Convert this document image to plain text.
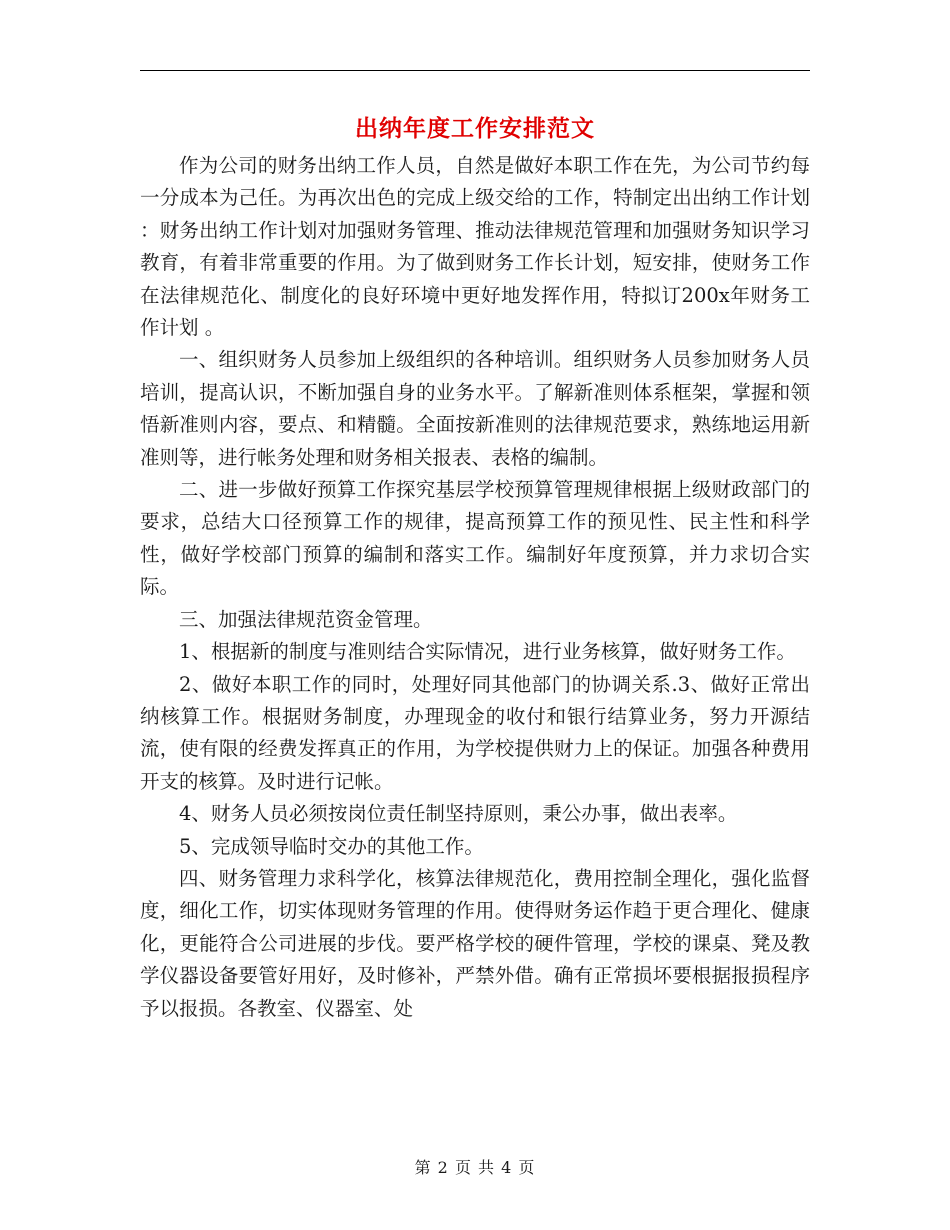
出纳年度工作安排范文

作为公司的财务出纳工作人员，自然是做好本职工作在先，为公司节约每一分成本为己任。为再次出色的完成上级交给的工作，特制定出出纳工作计划 ：财务出纳工作计划对加强财务管理、推动法律规范管理和加强财务知识学习教育，有着非常重要的作用。为了做到财务工作长计划，短安排，使财务工作在法律规范化、制度化的良好环境中更好地发挥作用，特拟订200x年财务工作计划 。

一、组织财务人员参加上级组织的各种培训。组织财务人员参加财务人员培训，提高认识，不断加强自身的业务水平。了解新准则体系框架，掌握和领悟新准则内容，要点、和精髓。全面按新准则的法律规范要求，熟练地运用新准则等，进行帐务处理和财务相关报表、表格的编制。

二、进一步做好预算工作探究基层学校预算管理规律根据上级财政部门的要求，总结大口径预算工作的规律，提高预算工作的预见性、民主性和科学性，做好学校部门预算的编制和落实工作。编制好年度预算，并力求切合实际。

三、加强法律规范资金管理。

1、根据新的制度与准则结合实际情况，进行业务核算，做好财务工作。

2、做好本职工作的同时，处理好同其他部门的协调关系.3、做好正常出纳核算工作。根据财务制度，办理现金的收付和银行结算业务，努力开源结流，使有限的经费发挥真正的作用，为学校提供财力上的保证。加强各种费用开支的核算。及时进行记帐。

4、财务人员必须按岗位责任制坚持原则，秉公办事，做出表率。

5、完成领导临时交办的其他工作。

四、财务管理力求科学化，核算法律规范化，费用控制全理化，强化监督度，细化工作，切实体现财务管理的作用。使得财务运作趋于更合理化、健康化，更能符合公司进展的步伐。要严格学校的硬件管理，学校的课桌、凳及教学仪器设备要管好用好，及时修补，严禁外借。确有正常损坏要根据报损程序予以报损。各教室、仪器室、处

第 2 页 共 4 页
